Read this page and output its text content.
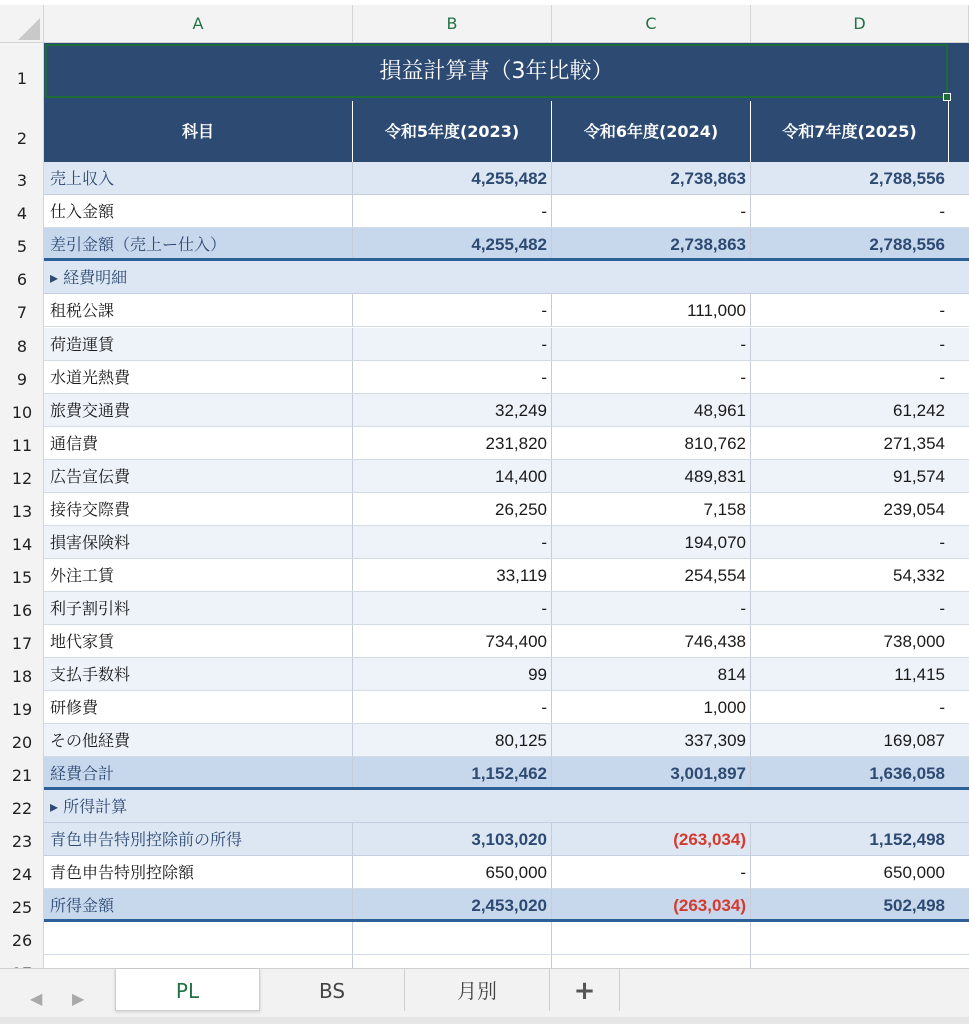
A	B	C	D
1
2
3
4
5
6
7
8
9
10
11
12
13
14
15
16
17
18
19
20
21
22
23
24
25
26
損益計算書（3年比較）
科目	令和5年度(2023)	令和6年度(2024)	令和7年度(2025)
売上収入	4,255,482	2,738,863	2,788,556
仕入金額	-	-	-
差引金額（売上ー仕入）	4,255,482	2,738,863	2,788,556
▸ 経費明細
租税公課	-	111,000	-
荷造運賃	-	-	-
水道光熱費	-	-	-
旅費交通費	32,249	48,961	61,242
通信費	231,820	810,762	271,354
広告宣伝費	14,400	489,831	91,574
接待交際費	26,250	7,158	239,054
損害保険料	-	194,070	-
外注工賃	33,119	254,554	54,332
利子割引料	-	-	-
地代家賃	734,400	746,438	738,000
支払手数料	99	814	11,415
研修費	-	1,000	-
その他経費	80,125	337,309	169,087
経費合計	1,152,462	3,001,897	1,636,058
▸ 所得計算
青色申告特別控除前の所得	3,103,020	(263,034)	1,152,498
青色申告特別控除額	650,000	-	650,000
所得金額	2,453,020	(263,034)	502,498
◀ ▶	PL	BS	月別	+
